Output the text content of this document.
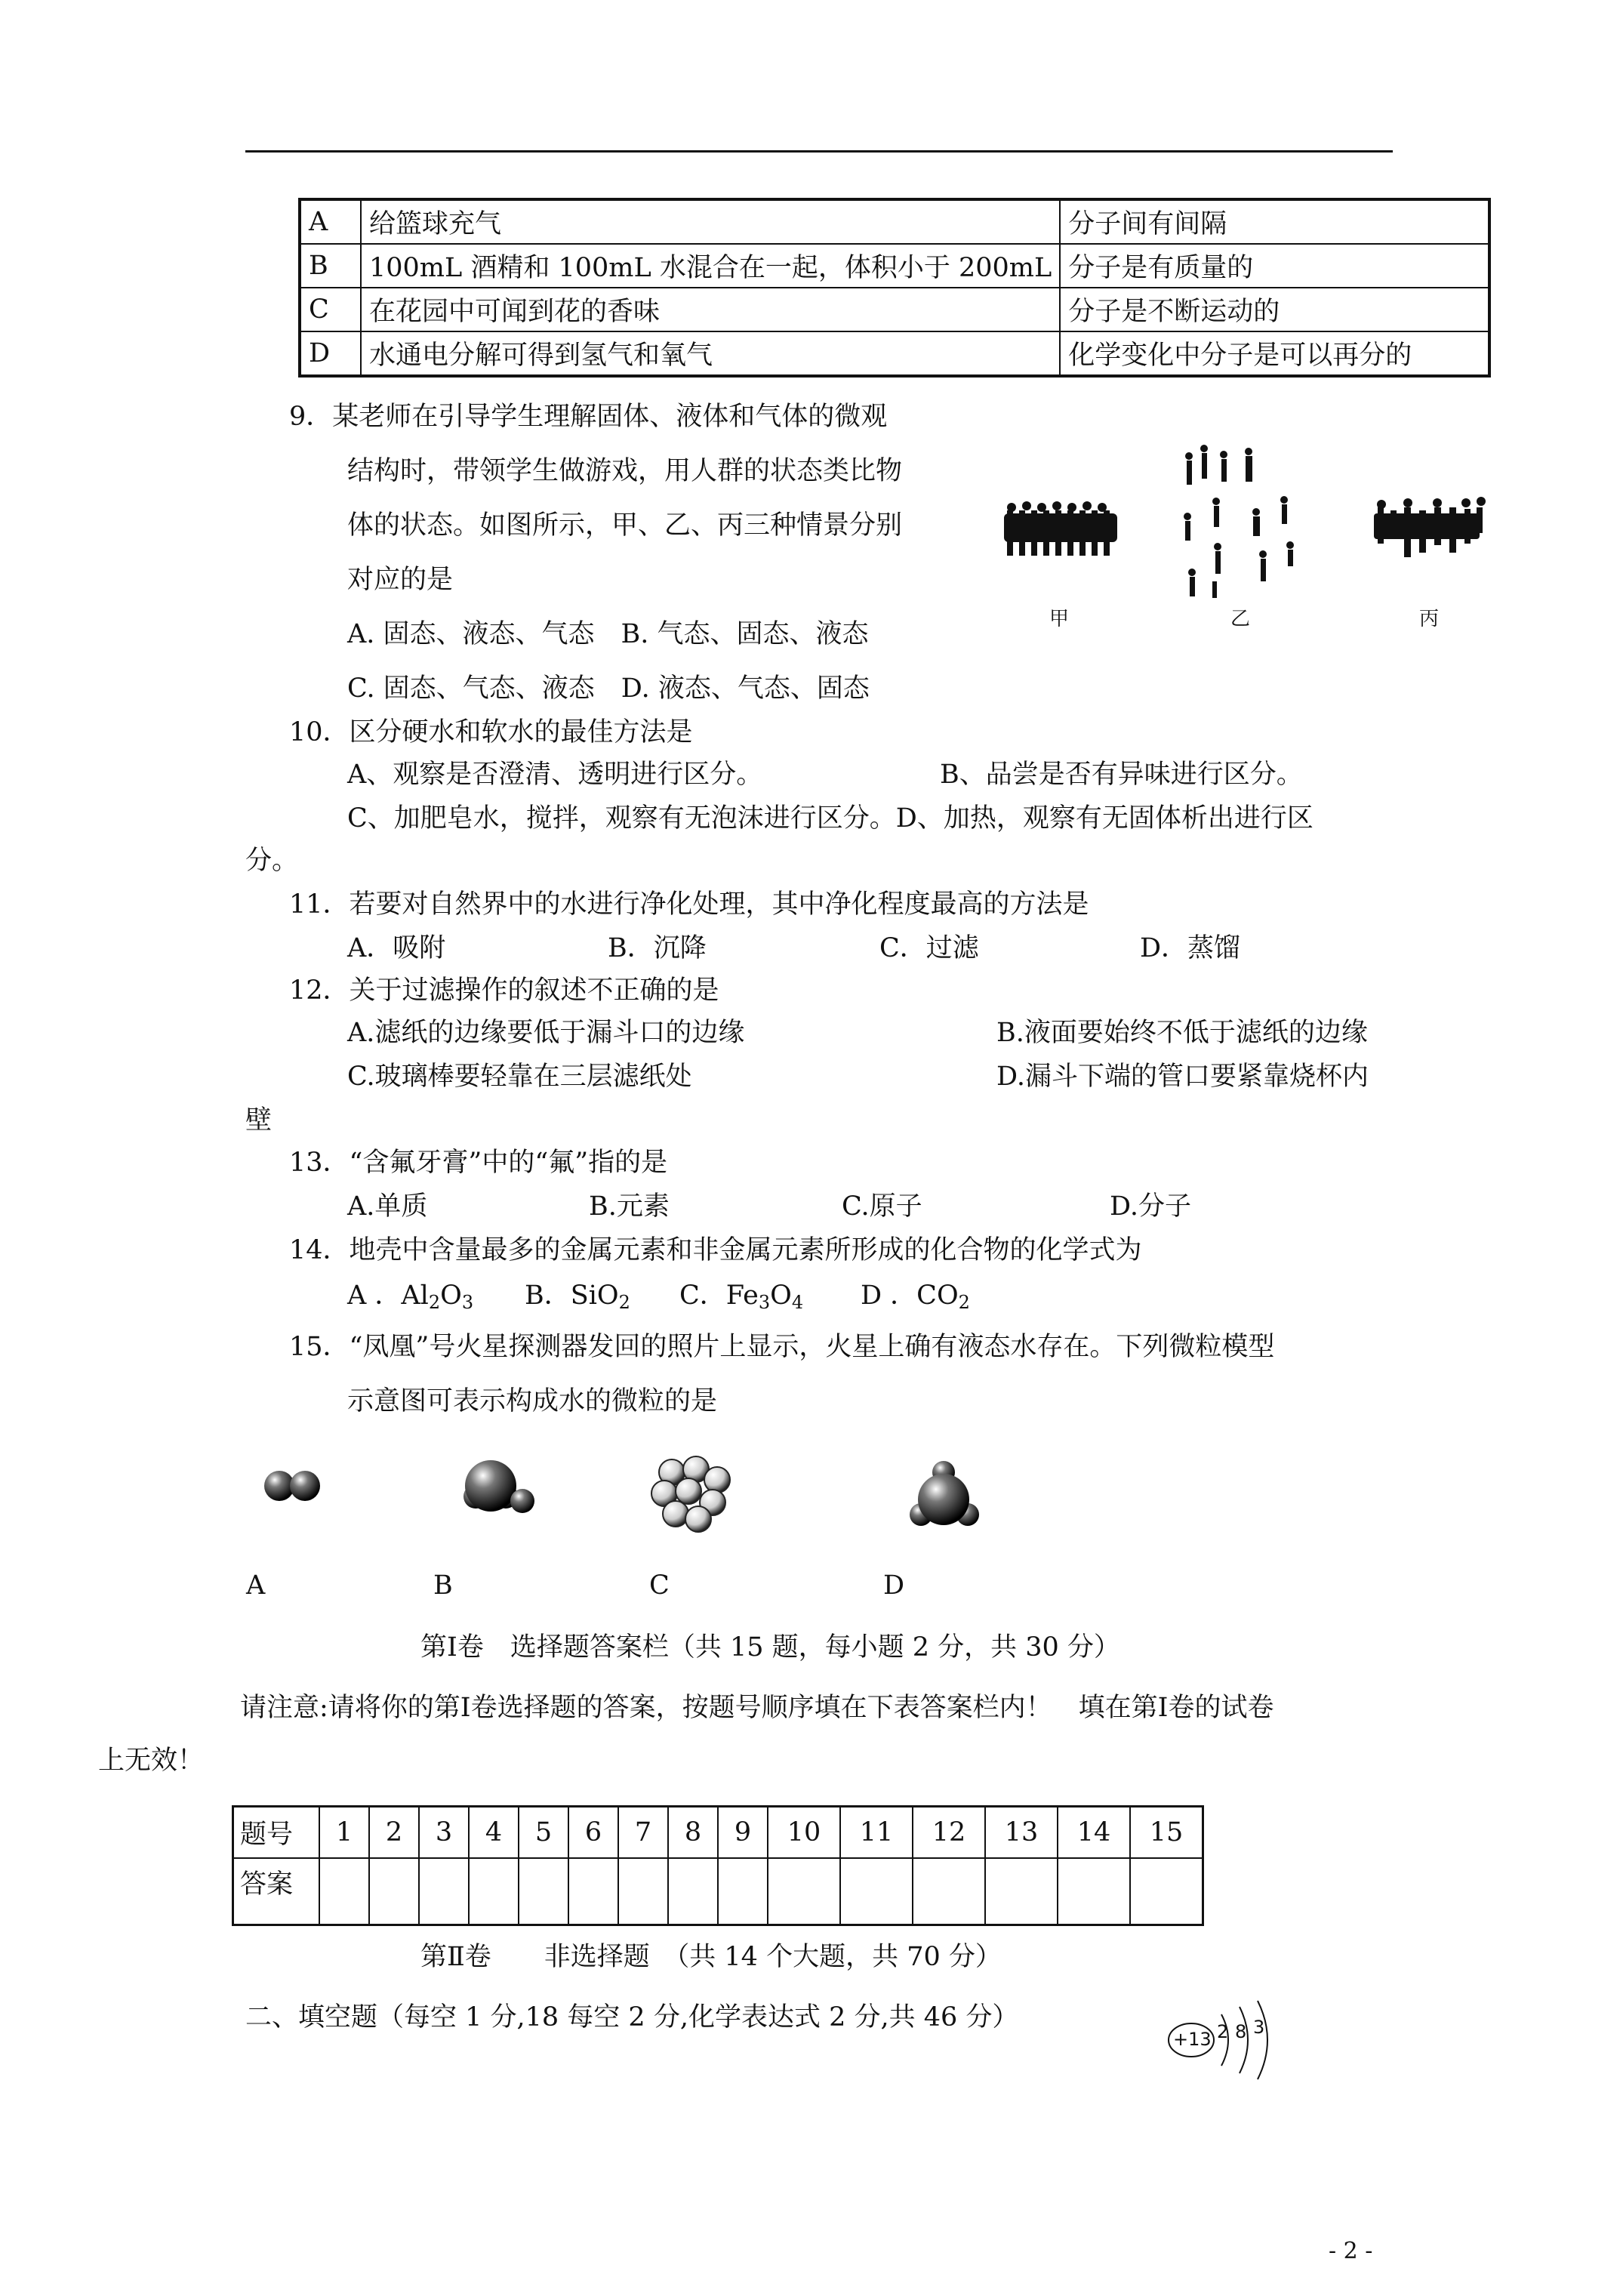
A	给篮球充气	分子间有间隔
B	100mL 酒精和 100mL 水混合在一起，体积小于 200mL	分子是有质量的
C	在花园中可闻到花的香味	分子是不断运动的
D	水通电分解可得到氢气和氧气	化学变化中分子是可以再分的
9．某老师在引导学生理解固体、液体和气体的微观
结构时，带领学生做游戏，用人群的状态类比物
体的状态。如图所示，甲、乙、丙三种情景分别
对应的是
A. 固态、液态、气态　B. 气态、固态、液态
C. 固态、气态、液态　D. 液态、气态、固态
甲	乙	丙
10．区分硬水和软水的最佳方法是
A、观察是否澄清、透明进行区分。	B、品尝是否有异味进行区分。
C、加肥皂水，搅拌，观察有无泡沫进行区分。D、加热，观察有无固体析出进行区
分。
11．若要对自然界中的水进行净化处理，其中净化程度最高的方法是
A．吸附	B．沉降	C．过滤	D．蒸馏
12．关于过滤操作的叙述不正确的是
A.滤纸的边缘要低于漏斗口的边缘	B.液面要始终不低于滤纸的边缘
C.玻璃棒要轻靠在三层滤纸处	D.漏斗下端的管口要紧靠烧杯内
壁
13．“含氟牙膏”中的“氟”指的是
A.单质	B.元素	C.原子	D.分子
14．地壳中含量最多的金属元素和非金属元素所形成的化合物的化学式为
A ．$Al_2O_3$ B．SiO$_2$ C．$Fe_3O_4$ D ．$CO_2$
15．“凤凰”号火星探测器发回的照片上显示，火星上确有液态水存在。下列微粒模型
示意图可表示构成水的微粒的是
A	B	C	D
第Ⅰ卷　选择题答案栏（共 15 题，每小题 2 分，共 30 分）
请注意:请将你的第Ⅰ卷选择题的答案，按题号顺序填在下表答案栏内！　填在第Ⅰ卷的试卷
上无效！
题号	1	2	3	4	5	6	7	8	9	10	11	12	13	14	15
答案															
第Ⅱ卷　　非选择题　（共 14 个大题，共 70 分）
二、填空题（每空 1 分,18 每空 2 分,化学表达式 2 分,共 46 分）
+13 2 8 3
- 2 -
